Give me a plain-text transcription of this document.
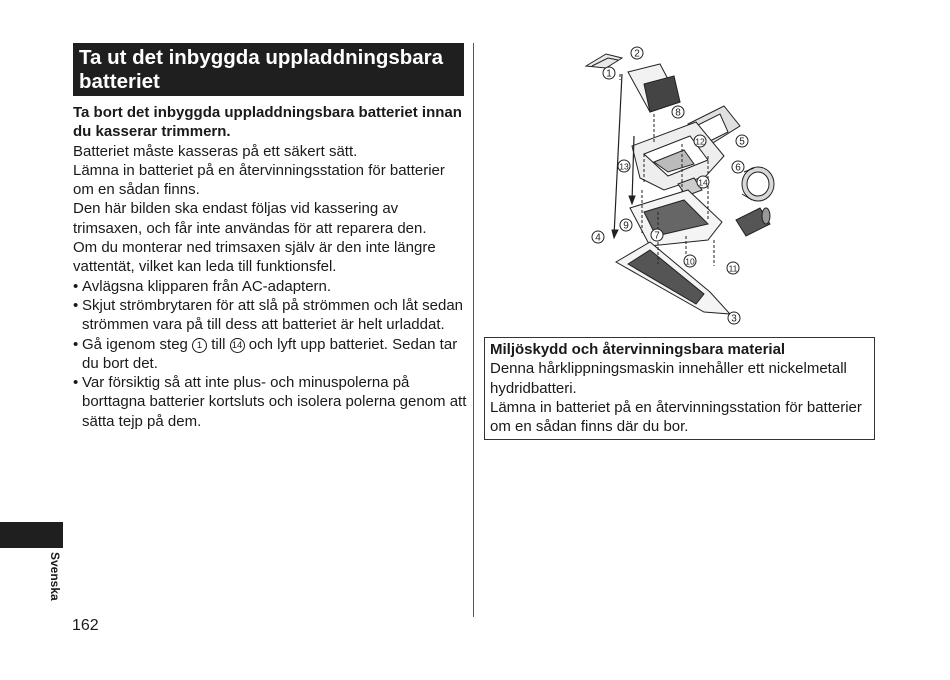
Ta ut det inbyggda uppladdningsbara batteriet

Ta bort det inbyggda uppladdningsbara batteriet innan du kasserar trimmern.

Batteriet måste kasseras på ett säkert sätt.

Lämna in batteriet på en återvinningsstation för batterier om en sådan finns.

Den här bilden ska endast följas vid kassering av trimsaxen, och får inte användas för att reparera den.

Om du monterar ned trimsaxen själv är den inte längre vattentät, vilket kan leda till funktionsfel.

• Avlägsna klipparen från AC-adaptern.
• Skjut strömbrytaren för att slå på strömmen och låt sedan strömmen vara på till dess att batteriet är helt urladdat.
• Gå igenom steg 1 till 14 och lyft upp batteriet. Sedan tar du bort det.
• Var försiktig så att inte plus- och minuspolerna på borttagna batterier kortsluts och isolera polerna genom att sätta tejp på dem.
2
1
8
12	5
13	6
14
9
7
4
10
11
3
Miljöskydd och återvinningsbara material
Denna hårklippningsmaskin innehåller ett nickelmetall hydridbatteri.
Lämna in batteriet på en återvinningsstation för batterier om en sådan finns där du bor.
Svenska
162
